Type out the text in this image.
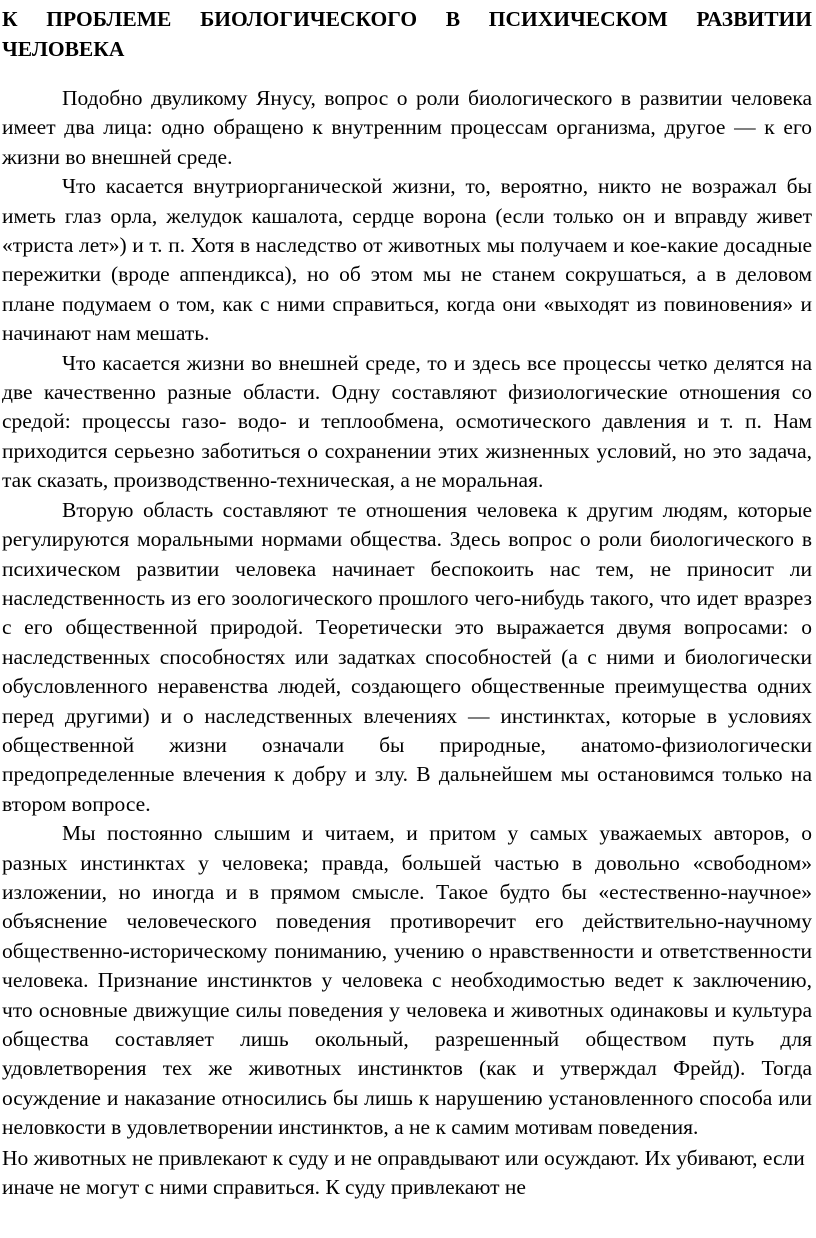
К ПРОБЛЕМЕ БИОЛОГИЧЕСКОГО В ПСИХИЧЕСКОМ РАЗВИТИИ ЧЕЛОВЕКА

Подобно двуликому Янусу, вопрос о роли биологического в развитии человека имеет два лица: одно обращено к внутренним процессам организма, другое — к его жизни во внешней среде.

Что касается внутриорганической жизни, то, вероятно, никто не возражал бы иметь глаз орла, желудок кашалота, сердце ворона (если только он и вправду живет «триста лет») и т. п. Хотя в наследство от животных мы получаем и кое-какие досадные пережитки (вроде аппендикса), но об этом мы не станем сокрушаться, а в деловом плане подумаем о том, как с ними справиться, когда они «выходят из повиновения» и начинают нам мешать.

Что касается жизни во внешней среде, то и здесь все процессы четко делятся на две качественно разные области. Одну составляют физиологические отношения со средой: процессы газо- водо- и теплообмена, осмотического давления и т. п. Нам приходится серьезно заботиться о сохранении этих жизненных условий, но это задача, так сказать, производственно-техническая, а не моральная.

Вторую область составляют те отношения человека к другим людям, которые регулируются моральными нормами общества. Здесь вопрос о роли биологического в психическом развитии человека начинает беспокоить нас тем, не приносит ли наследственность из его зоологического прошлого чего-нибудь такого, что идет вразрез с его общественной природой. Теоретически это выражается двумя вопросами: о наследственных способностях или задатках способностей (а с ними и биологически обусловленного неравенства людей, создающего общественные преимущества одних перед другими) и о наследственных влечениях — инстинктах, которые в условиях общественной жизни означали бы природные, анатомо-физиологически предопределенные влечения к добру и злу. В дальнейшем мы остановимся только на втором вопросе.

Мы постоянно слышим и читаем, и притом у самых уважаемых авторов, о разных инстинктах у человека; правда, большей частью в довольно «свободном» изложении, но иногда и в прямом смысле. Такое будто бы «естественно-научное» объяснение человеческого поведения противоречит его действительно-научному общественно-историческому пониманию, учению о нравственности и ответственности человека. Признание инстинктов у человека с необходимостью ведет к заключению, что основные движущие силы поведения у человека и животных одинаковы и культура общества составляет лишь окольный, разрешенный обществом путь для удовлетворения тех же животных инстинктов (как и утверждал Фрейд). Тогда осуждение и наказание относились бы лишь к нарушению установленного способа или неловкости в удовлетворении инстинктов, а не к самим мотивам поведения.

Но животных не привлекают к суду и не оправдывают или осуждают. Их убивают, если иначе не могут с ними справиться. К суду привлекают не
